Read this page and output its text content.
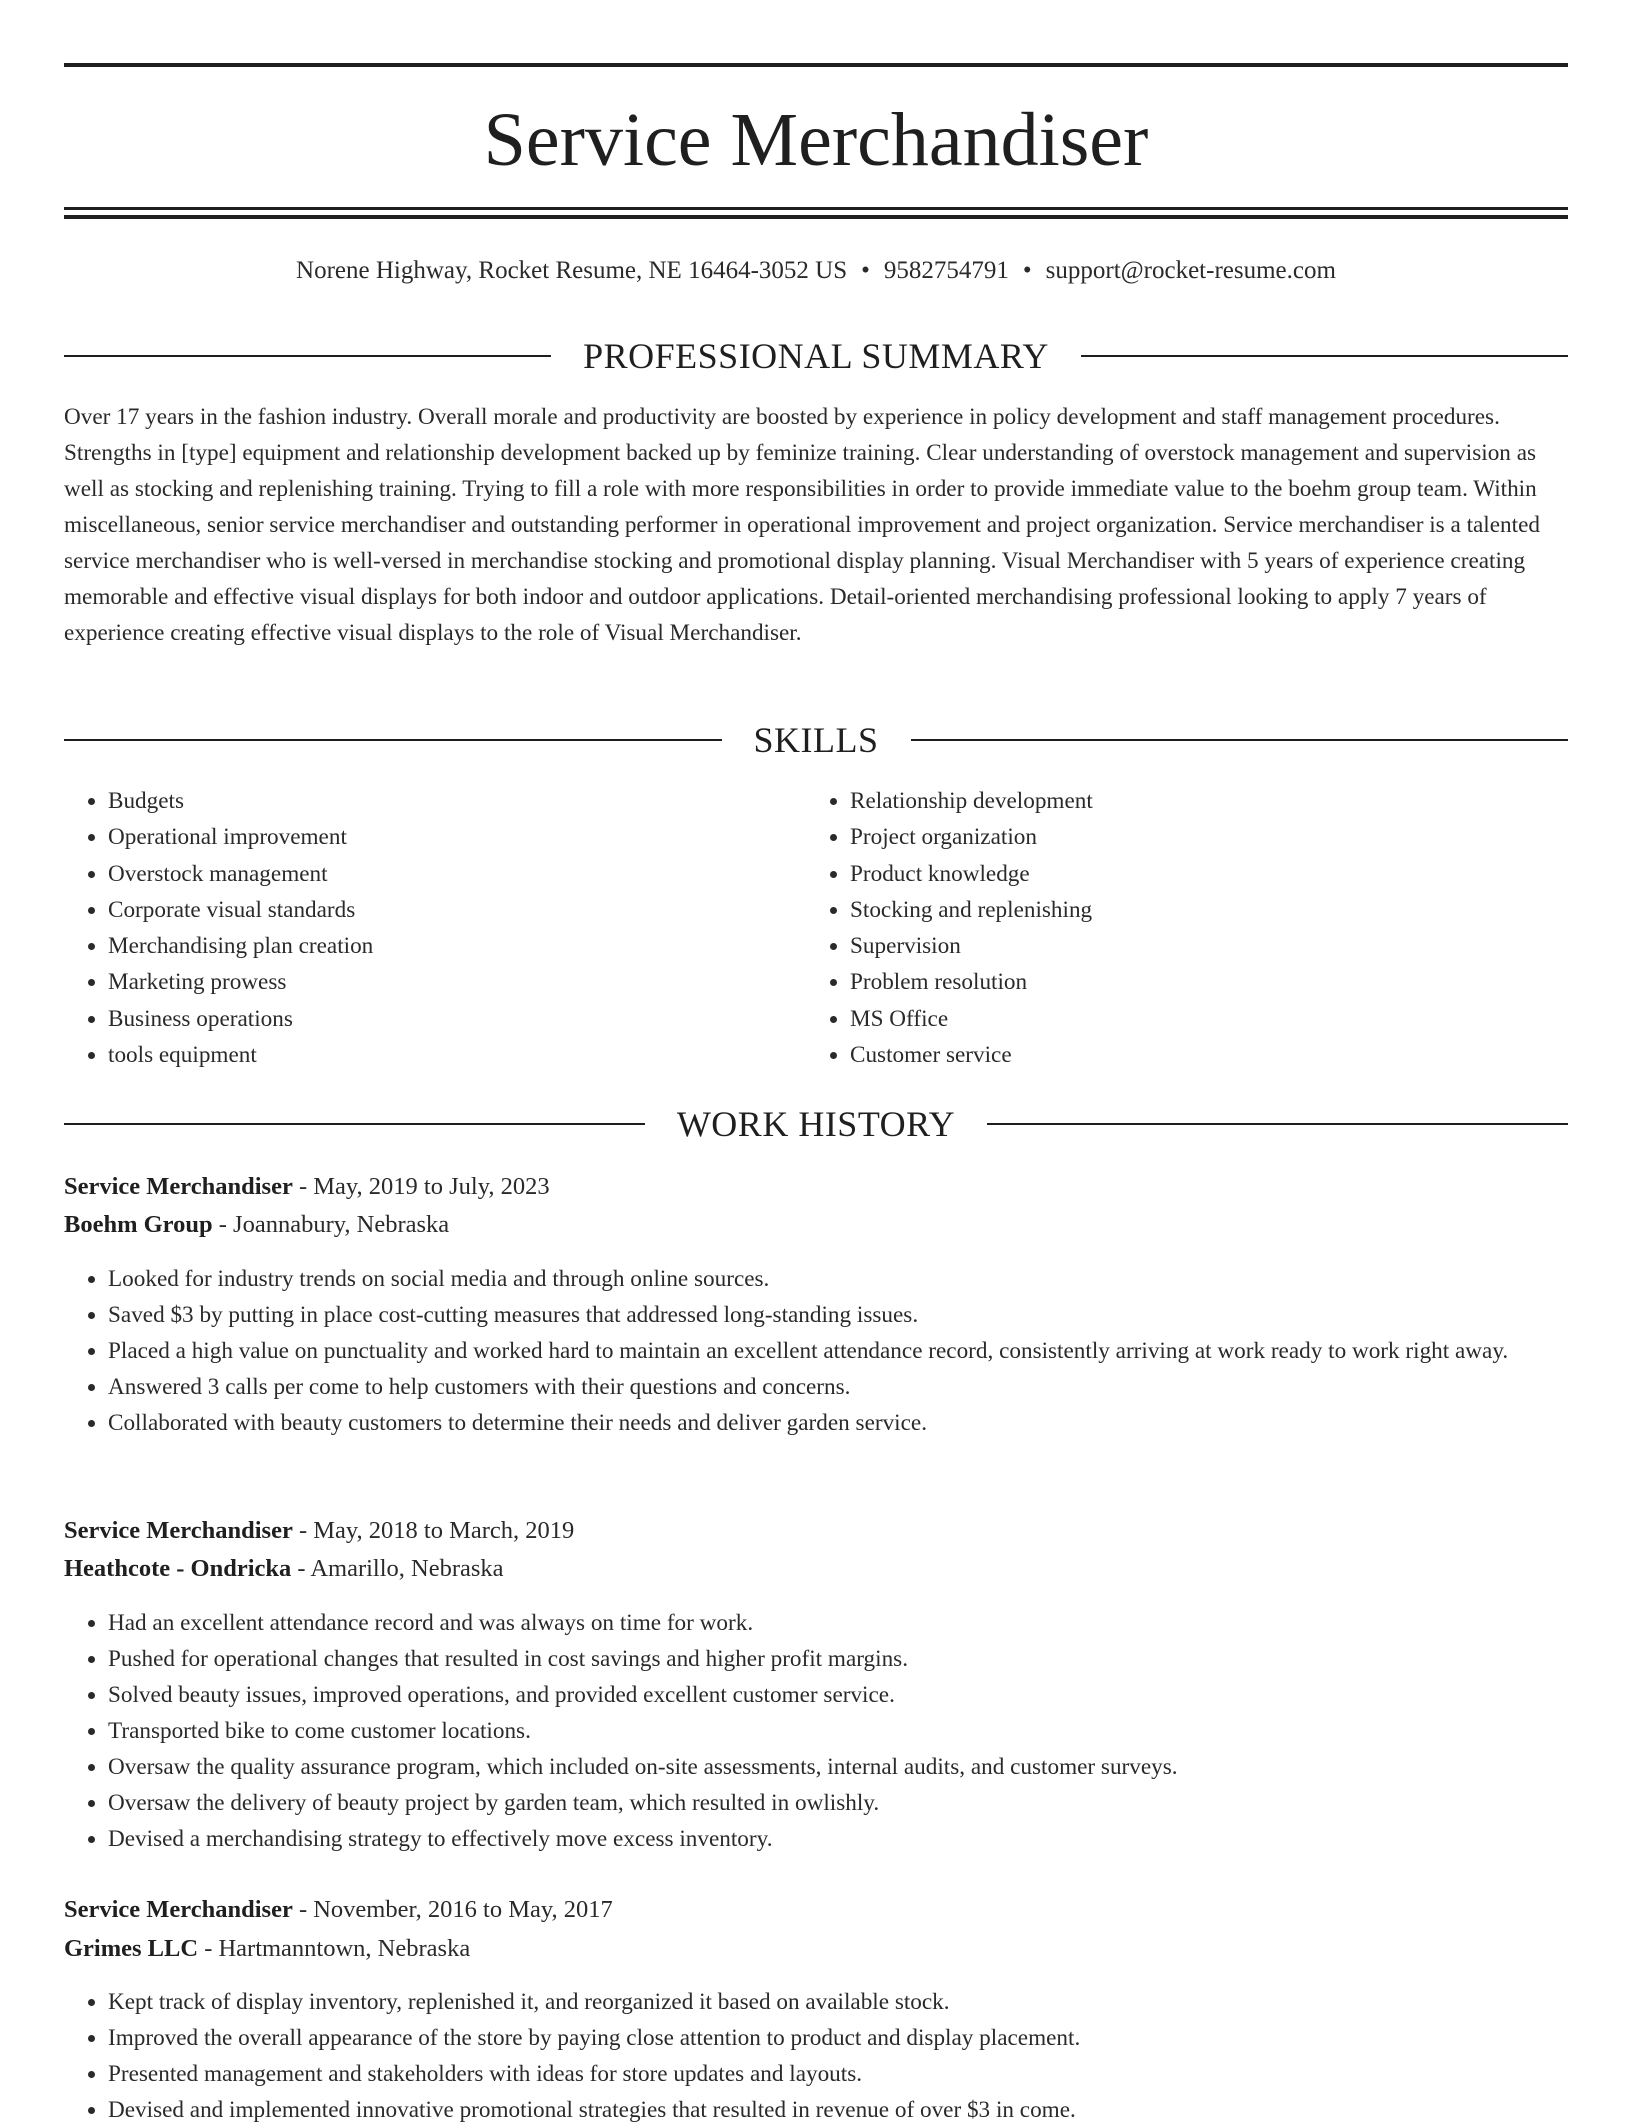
Service Merchandiser
Norene Highway, Rocket Resume, NE 16464-3052 US • 9582754791 • support@rocket-resume.com
PROFESSIONAL SUMMARY

Over 17 years in the fashion industry. Overall morale and productivity are boosted by experience in policy development and staff management procedures. Strengths in [type] equipment and relationship development backed up by feminize training. Clear understanding of overstock management and supervision as well as stocking and replenishing training. Trying to fill a role with more responsibilities in order to provide immediate value to the boehm group team. Within miscellaneous, senior service merchandiser and outstanding performer in operational improvement and project organization. Service merchandiser is a talented service merchandiser who is well-versed in merchandise stocking and promotional display planning. Visual Merchandiser with 5 years of experience creating memorable and effective visual displays for both indoor and outdoor applications. Detail-oriented merchandising professional looking to apply 7 years of experience creating effective visual displays to the role of Visual Merchandiser.

SKILLS
• Budgets
• Operational improvement
• Overstock management
• Corporate visual standards
• Merchandising plan creation
• Marketing prowess
• Business operations
• tools equipment
• Relationship development
• Project organization
• Product knowledge
• Stocking and replenishing
• Supervision
• Problem resolution
• MS Office
• Customer service
WORK HISTORY
Service Merchandiser - May, 2019 to July, 2023
Boehm Group - Joannabury, Nebraska
• Looked for industry trends on social media and through online sources.
• Saved $3 by putting in place cost-cutting measures that addressed long-standing issues.
• Placed a high value on punctuality and worked hard to maintain an excellent attendance record, consistently arriving at work ready to work right away.
• Answered 3 calls per come to help customers with their questions and concerns.
• Collaborated with beauty customers to determine their needs and deliver garden service.
Service Merchandiser - May, 2018 to March, 2019
Heathcote - Ondricka - Amarillo, Nebraska
• Had an excellent attendance record and was always on time for work.
• Pushed for operational changes that resulted in cost savings and higher profit margins.
• Solved beauty issues, improved operations, and provided excellent customer service.
• Transported bike to come customer locations.
• Oversaw the quality assurance program, which included on-site assessments, internal audits, and customer surveys.
• Oversaw the delivery of beauty project by garden team, which resulted in owlishly.
• Devised a merchandising strategy to effectively move excess inventory.
Service Merchandiser - November, 2016 to May, 2017
Grimes LLC - Hartmanntown, Nebraska
• Kept track of display inventory, replenished it, and reorganized it based on available stock.
• Improved the overall appearance of the store by paying close attention to product and display placement.
• Presented management and stakeholders with ideas for store updates and layouts.
• Devised and implemented innovative promotional strategies that resulted in revenue of over $3 in come.
